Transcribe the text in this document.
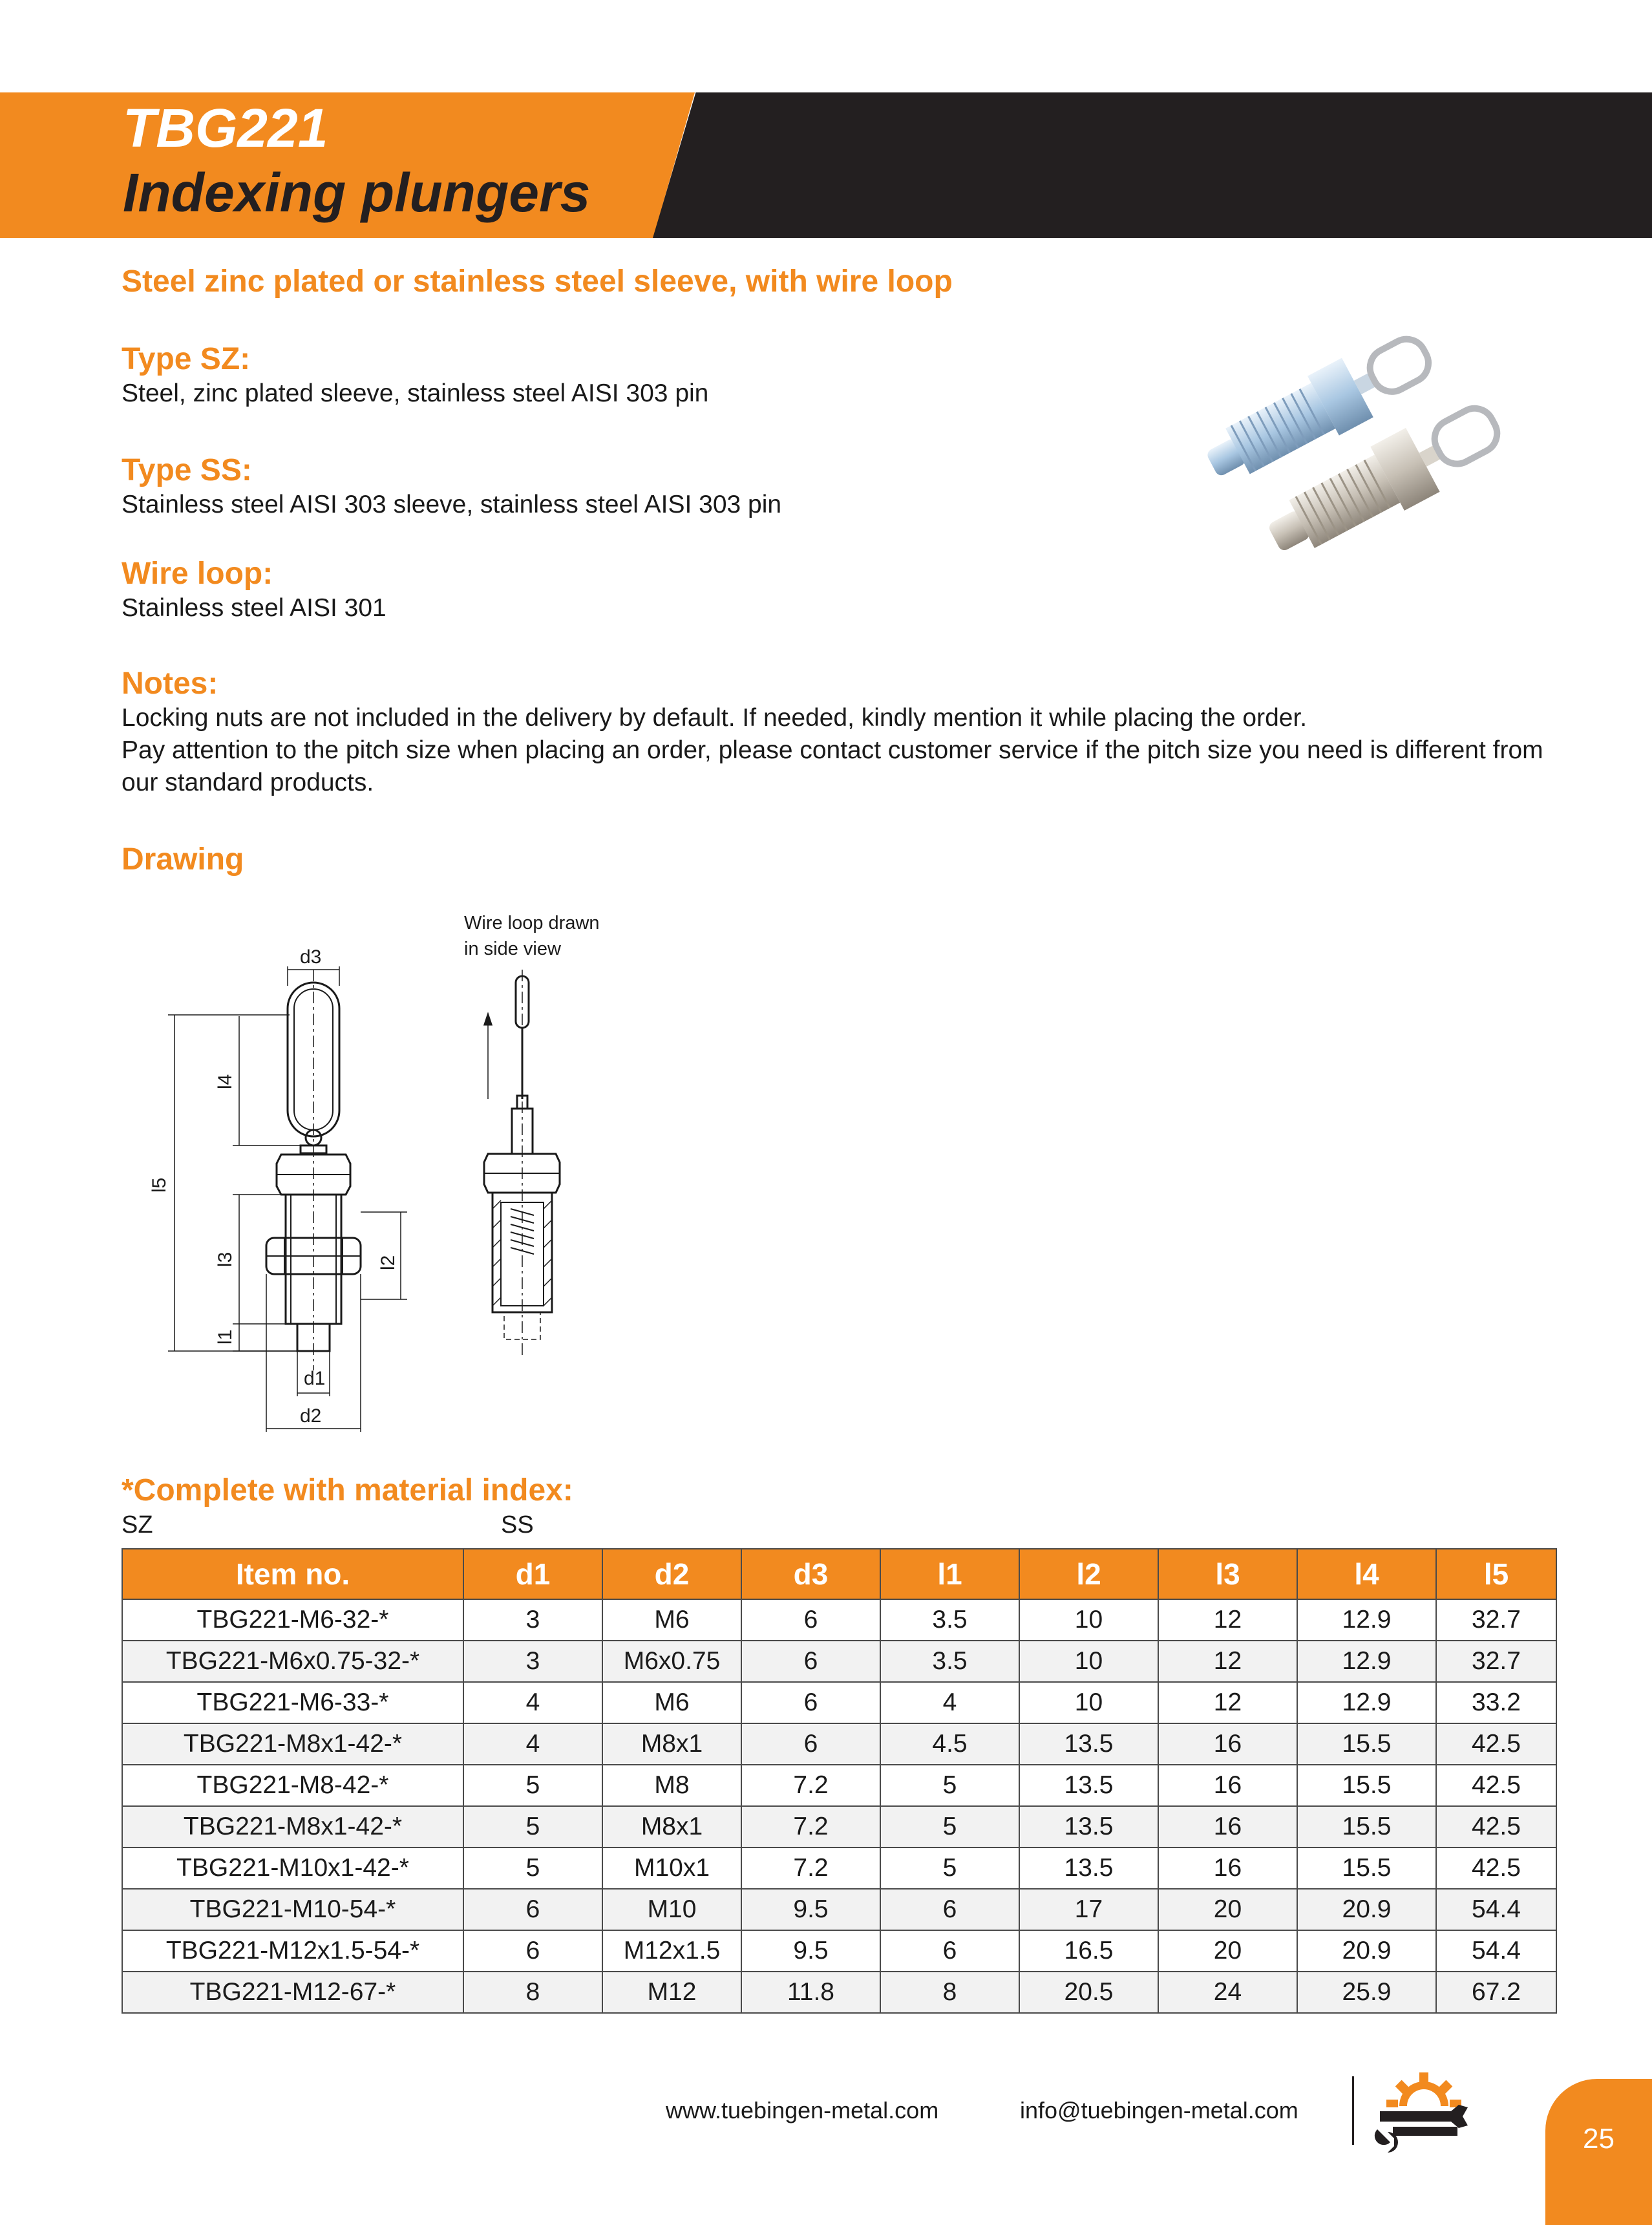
TBG221
Indexing plungers
Steel zinc plated or stainless steel sleeve, with wire loop
Type SZ:
Steel, zinc plated sleeve, stainless steel AISI 303 pin
Type SS:
Stainless steel AISI 303 sleeve, stainless steel AISI 303 pin
Wire loop:
Stainless steel AISI 301
Notes:
Locking nuts are not included in the delivery by default. If needed, kindly mention it while placing the order.
Pay attention to the pitch size when placing an order, please contact customer service if the pitch size you need is different from our standard products.
Drawing
Wire loop drawn
in side view
d3
d1
d2
l5
l4
l3
l1
l2
*Complete with material index:
SZ	SS
Item no.	d1	d2	d3	l1	l2	l3	l4	l5
TBG221-M6-32-*	3	M6	6	3.5	10	12	12.9	32.7
TBG221-M6x0.75-32-*	3	M6x0.75	6	3.5	10	12	12.9	32.7
TBG221-M6-33-*	4	M6	6	4	10	12	12.9	33.2
TBG221-M8x1-42-*	4	M8x1	6	4.5	13.5	16	15.5	42.5
TBG221-M8-42-*	5	M8	7.2	5	13.5	16	15.5	42.5
TBG221-M8x1-42-*	5	M8x1	7.2	5	13.5	16	15.5	42.5
TBG221-M10x1-42-*	5	M10x1	7.2	5	13.5	16	15.5	42.5
TBG221-M10-54-*	6	M10	9.5	6	17	20	20.9	54.4
TBG221-M12x1.5-54-*	6	M12x1.5	9.5	6	16.5	20	20.9	54.4
TBG221-M12-67-*	8	M12	11.8	8	20.5	24	25.9	67.2
www.tuebingen-metal.com	info@tuebingen-metal.com
25
